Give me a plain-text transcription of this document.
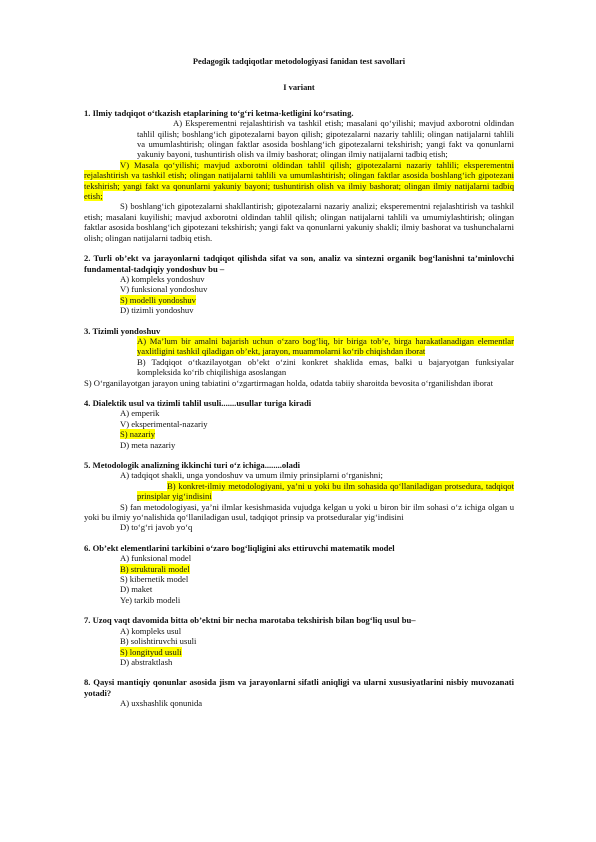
Pedagogik tadqiqotlar metodologiyasi fanidan test savollari
I variant
1. Ilmiy tadqiqot o‘tkazish etaplarining to‘g‘ri ketma-ketligini ko‘rsating.
A) Eksperementni rejalashtirish va tashkil etish; masalani qo‘yilishi; mavjud axborotni oldindan tahlil qilish; boshlang‘ich gipotezalarni bayon qilish; gipotezalarni nazariy tahlili; olingan natijalarni tahlili va umumlashtirish; olingan faktlar asosida boshlang‘ich gipotezalarni tekshirish; yangi fakt va qonunlarni yakuniy bayoni, tushuntirish olish va ilmiy bashorat; olingan ilmiy natijalarni tadbiq etish;
V) Masala qo‘yilishi; mavjud axborotni oldindan tahlil qilish; gipotezalarni nazariy tahlili; eksperementni rejalashtirish va tashkil etish; olingan natijalarni tahlili va umumlashtirish; olingan faktlar asosida boshlang‘ich gipotezani tekshirish; yangi fakt va qonunlarni yakuniy bayoni; tushuntirish olish va ilmiy bashorat; olingan ilmiy natijalarni tadbiq etish;
S) boshlang‘ich gipotezalarni shakllantirish; gipotezalarni nazariy analizi; eksperementni rejalashtirish va tashkil etish; masalani kuyilishi; mavjud axborotni oldindan tahlil qilish; olingan natijalarni tahlili va umumiylashtirish; olingan faktlar asosida boshlang‘ich gipotezani tekshirish; yangi fakt va qonunlarni yakuniy shakli; ilmiy bashorat va tushunchalarni olish; olingan natijalarni tadbiq etish.
2. Turli ob’ekt va jarayonlarni tadqiqot qilishda sifat va son, analiz va sintezni organik bog‘lanishni ta’minlovchi fundamental-tadqiqiy yondoshuv bu –
A) kompleks yondoshuv
V) funksional yondoshuv
S) modelli yondoshuv
D) tizimli yondoshuv
3. Tizimli yondoshuv
A) Ma’lum bir amalni bajarish uchun o‘zaro bog‘liq, bir biriga tob’e, birga harakatlanadigan elementlar yaxlitligini tashkil qiladigan ob’ekt, jarayon, muammolarni ko‘rib chiqishdan iborat
B) Tadqiqot o‘tkazilayotgan ob’ekt o‘zini konkret shaklida emas, balki u bajaryotgan funksiyalar kompleksida ko‘rib chiqilishiga asoslangan
S) O‘rganilayotgan jarayon uning tabiatini o‘zgartirmagan holda, odatda tabiiy sharoitda bevosita o‘rganilishdan iborat
4. Dialektik usul va tizimli tahlil usuli.......usullar turiga kiradi
A) emperik
V) eksperimental-nazariy
S) nazariy
D) meta nazariy
5. Metodologik analizning ikkinchi turi o‘z ichiga........oladi
A) tadqiqot shakli, unga yondoshuv va umum ilmiy prinsiplarni o‘rganishni;
B) konkret-ilmiy metodologiyani, ya’ni u yoki bu ilm sohasida qo‘llaniladigan protsedura, tadqiqot prinsiplar yig‘indisini
S) fan metodologiyasi, ya’ni ilmlar kesishmasida vujudga kelgan u yoki u biron bir ilm sohasi o‘z ichiga olgan u yoki bu ilmiy yo‘nalishida qo‘llaniladigan usul, tadqiqot prinsip va protseduralar yig‘indisini
D) to‘g‘ri javob yo‘q
6. Ob’ekt elementlarini tarkibini o‘zaro bog‘liqligini aks ettiruvchi matematik model
A) funksional model
B) strukturali model
S) kibernetik model
D) maket
Ye) tarkib modeli
7. Uzoq vaqt davomida bitta ob’ektni bir necha marotaba tekshirish bilan bog‘liq usul bu–
A) kompleks usul
B) solishtiruvchi usuli
S) longityud usuli
D) abstraktlash
8. Qaysi mantiqiy qonunlar asosida jism va jarayonlarni sifatli aniqligi va ularni xususiyatlarini nisbiy muvozanati yotadi?
A) uxshashlik qonunida
